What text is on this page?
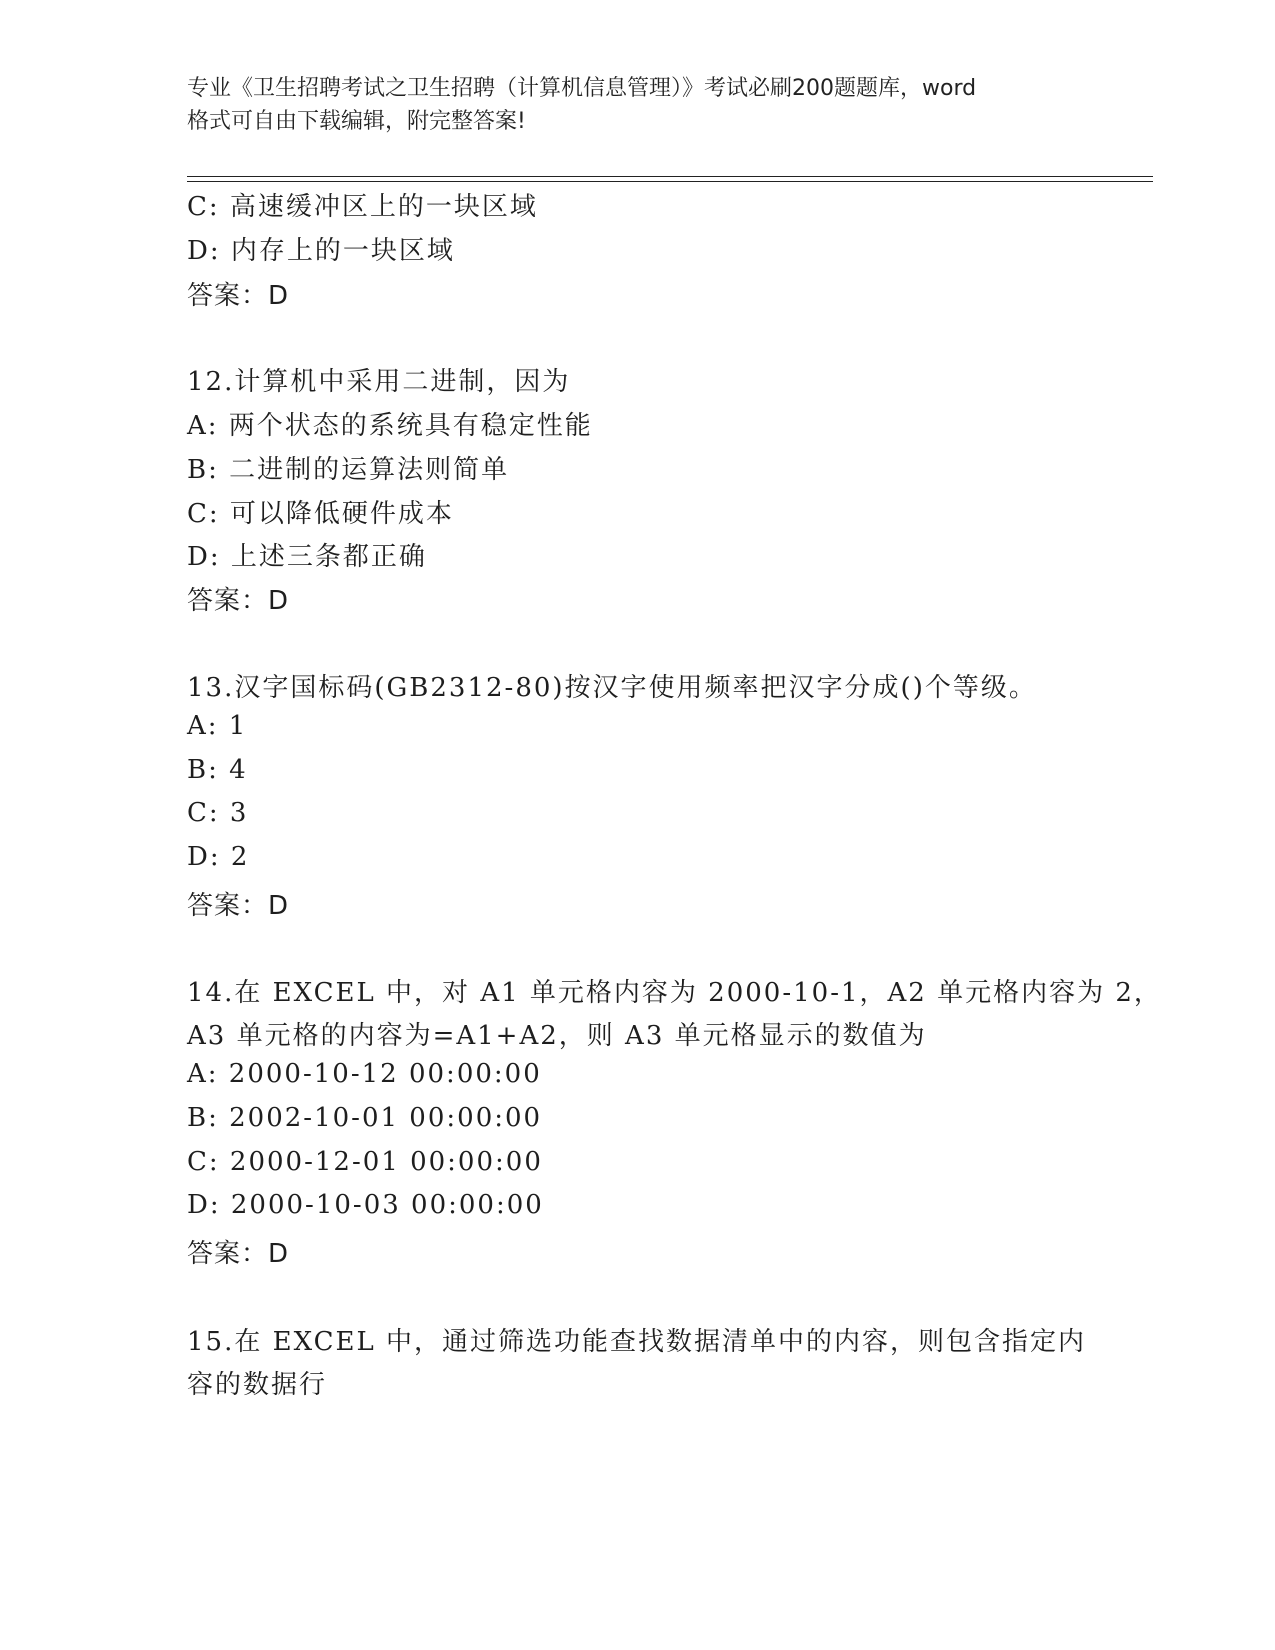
专业《卫生招聘考试之卫生招聘（计算机信息管理）》考试必刷200题题库，word
格式可自由下载编辑，附完整答案!
C: 高速缓冲区上的一块区域
D: 内存上的一块区域
答案：D
12.计算机中采用二进制，因为
A: 两个状态的系统具有稳定性能
B: 二进制的运算法则简单
C: 可以降低硬件成本
D: 上述三条都正确
答案：D
13.汉字国标码(GB2312-80)按汉字使用频率把汉字分成()个等级。
A: 1
B: 4
C: 3
D: 2
答案：D
14.在 EXCEL 中，对 A1 单元格内容为 2000-10-1，A2 单元格内容为 2，
A3 单元格的内容为=A1+A2，则 A3 单元格显示的数值为
A: 2000-10-12 00:00:00
B: 2002-10-01 00:00:00
C: 2000-12-01 00:00:00
D: 2000-10-03 00:00:00
答案：D
15.在 EXCEL 中，通过筛选功能查找数据清单中的内容，则包含指定内
容的数据行
